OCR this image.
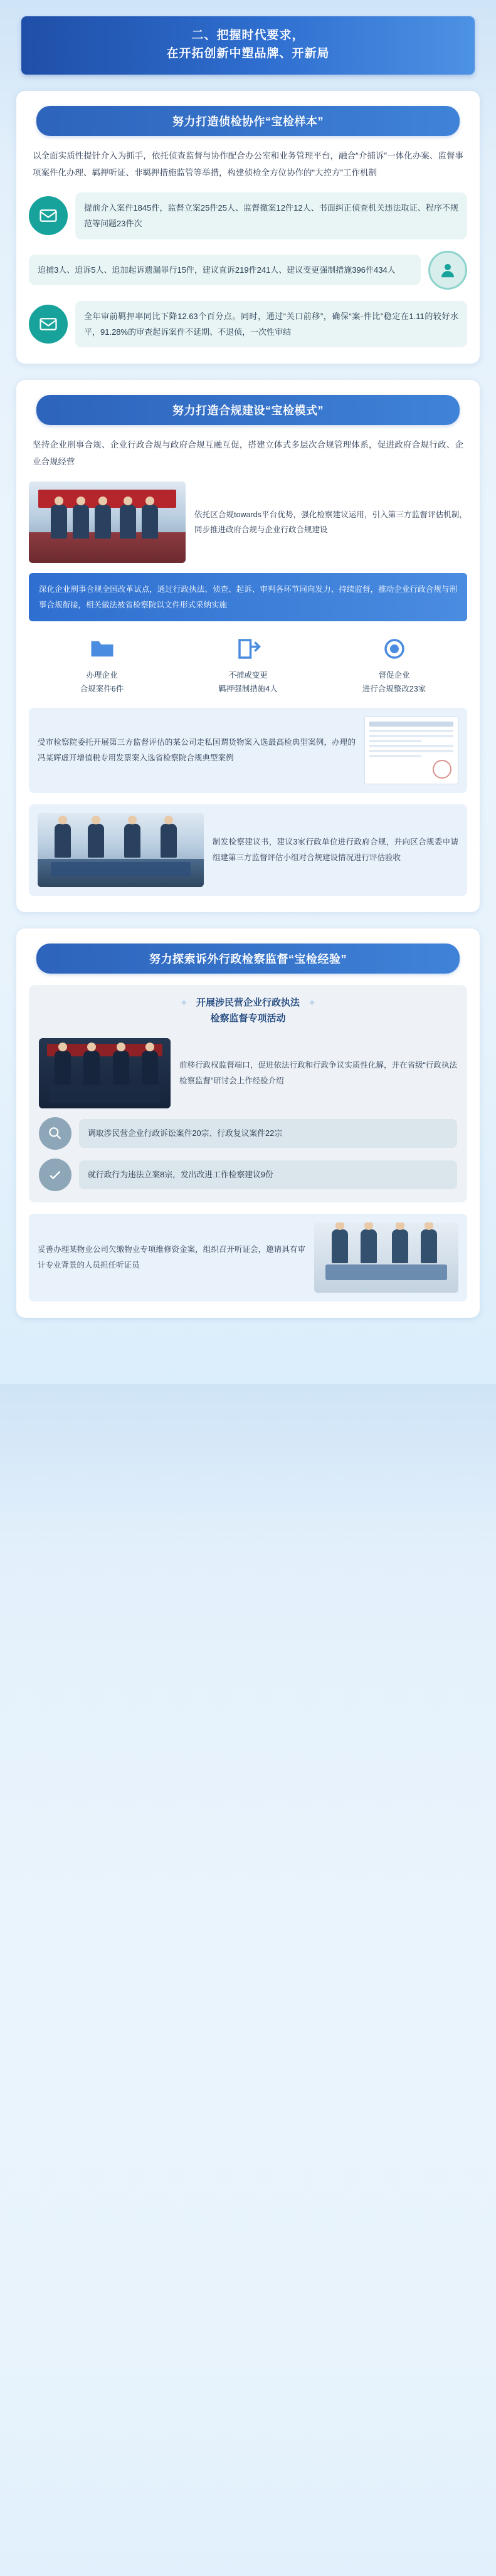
二、把握时代要求，
在开拓创新中塑品牌、开新局
努力打造侦检协作“宝检样本”
以全面实质性提针介入为抓手，依托侦查监督与协作配合办公室和业务管理平台，融合“介捕诉”一体化办案、监督事项案件化办理、羁押听证、非羁押措施监管等举措，构建侦检全方位协作的“大控方”工作机制
提前介入案件1845件，监督立案25件25人、监督撤案12件12人、书面纠正侦查机关违法取证、程序不规范等问题23件次
追捕3人、追诉5人、追加起诉遗漏罪行15件，建议直诉219件241人、建议变更强制措施396件434人
全年审前羁押率同比下降12.63个百分点。同时，通过“关口前移”，确保“案-件比”稳定在1.11的较好水平，91.28%的审查起诉案件不延期、不退侦，一次性审结
努力打造合规建设“宝检模式”
坚持企业刑事合规、企业行政合规与政府合规互融互促，搭建立体式多层次合规管理体系，促进政府合规行政、企业合规经营
依托区合规towards平台优势，强化检察建议运用，引入第三方监督评估机制，同步推进政府合规与企业行政合规建设
深化企业刑事合规全国改革试点，通过行政执法、侦查、起诉、审判各环节同向发力、持续监督，推动企业行政合规与刑事合规衔接，相关做法被省检察院以文件形式采纳实施
办理企业
合规案件6件
不捕或变更
羁押强制措施4人
督促企业
进行合规整改23家
受市检察院委托开展第三方监督评估的某公司走私国谓货物案入选最高检典型案例，办理的冯某辉虚开增值税专用发票案入选省检察院合规典型案例
制发检察建议书，建议3家行政单位进行政府合规，并向区合规委申请组建第三方监督评估小组对合规建设情况进行评估验收
努力探索诉外行政检察监督“宝检经验”
✧ 开展涉民营企业行政执法 ✧
检察监督专项活动
前移行政权监督端口，促进依法行政和行政争议实质性化解，并在省级“行政执法检察监督”研讨会上作经验介绍
调取涉民营企业行政诉讼案件20宗、行政复议案件22宗
就行政行为违法立案8宗，发出改进工作检察建议9份
妥善办理某物业公司欠缴物业专项维修资金案，组织召开听证会，邀请具有审计专业背景的人员担任听证员
